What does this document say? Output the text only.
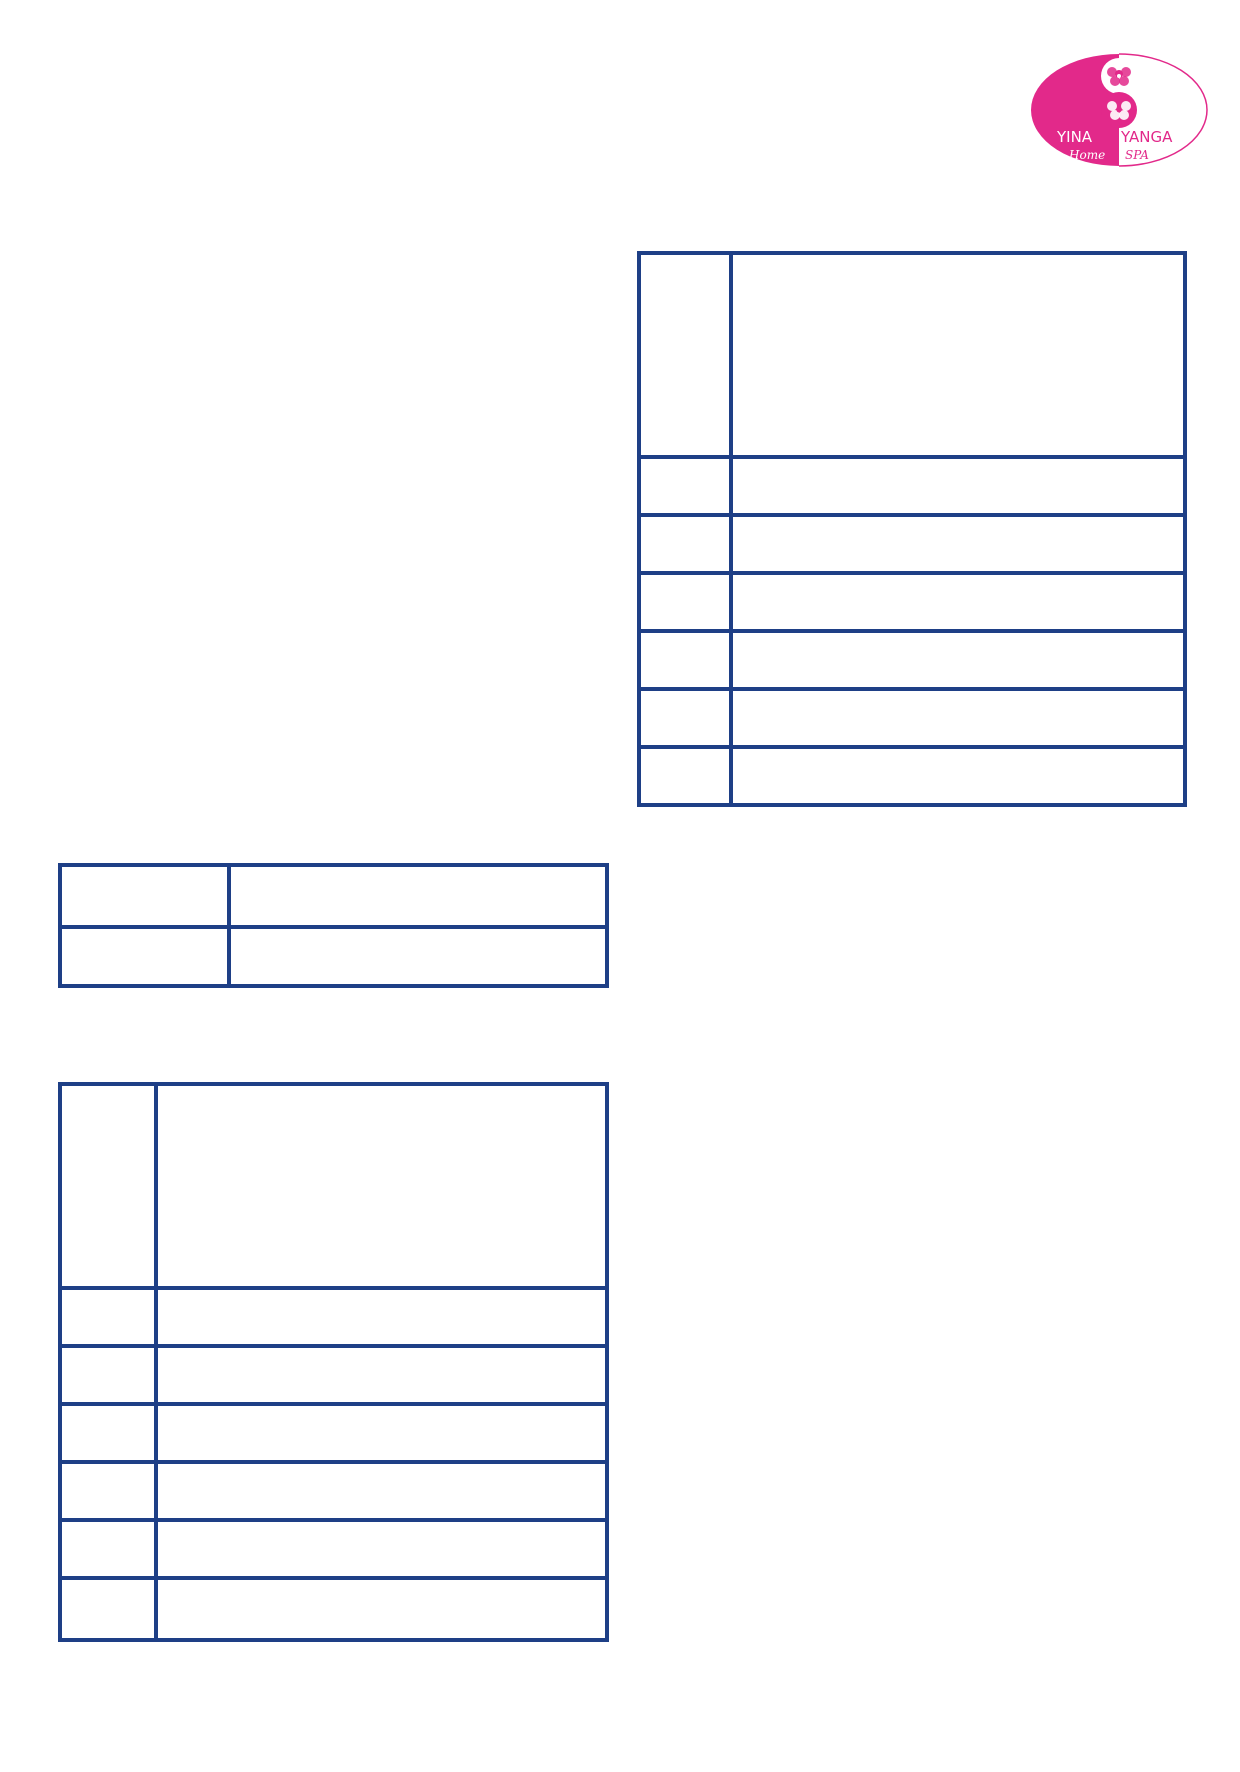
YINA YANGA
Home SPA
